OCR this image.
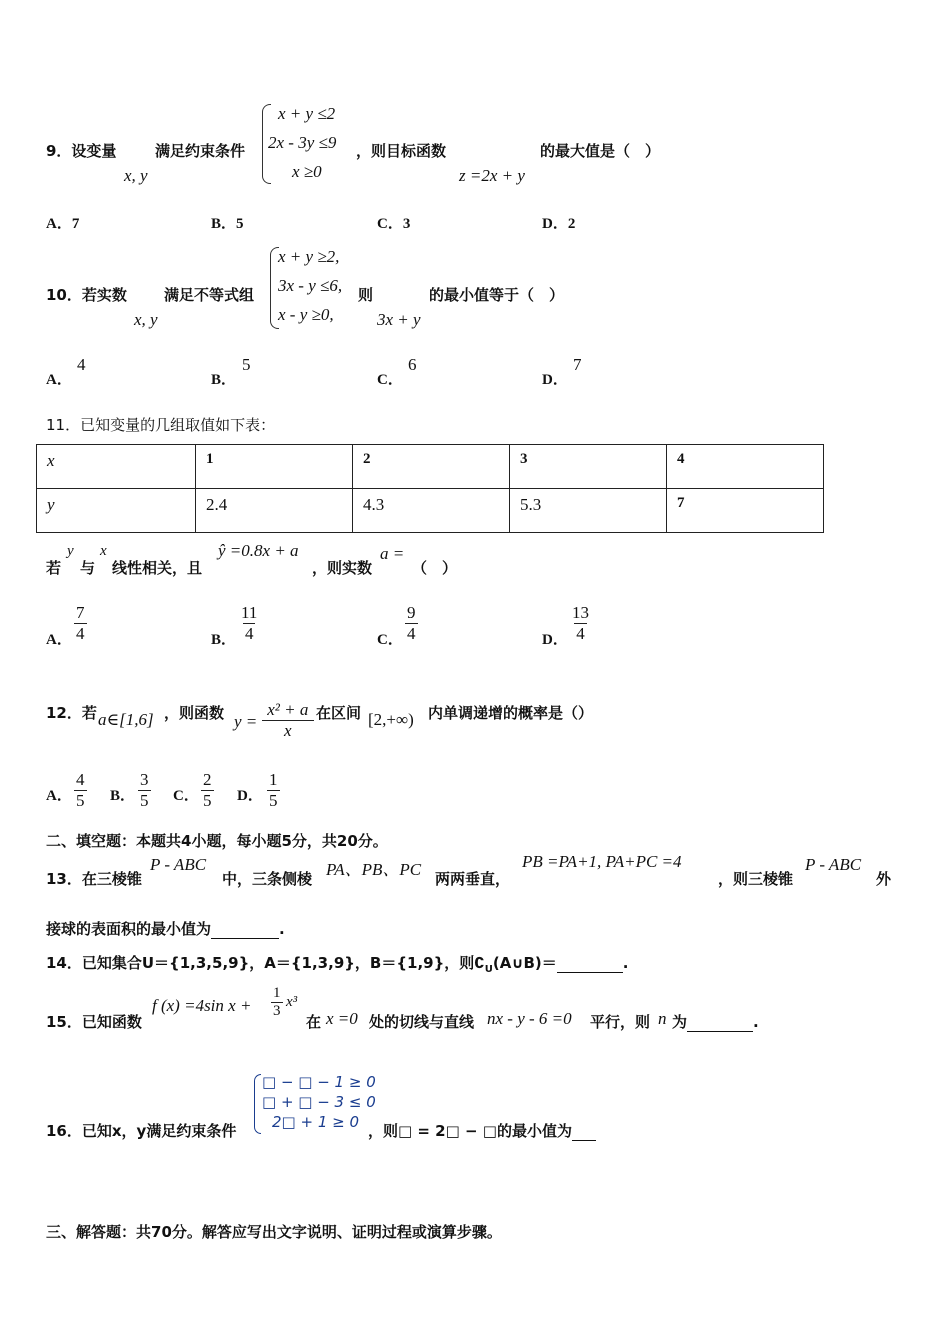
9．设变量
x, y
满足约束条件
x + y ≤2
2x - 3y ≤9
x ≥0
，则目标函数
z =2x + y
的最大值是（　）
A．7	B．5	C．3	D．2
10．若实数
x, y
满足不等式组
x + y ≥2,
3x - y ≤6,
x - y ≥0,
则
3x + y
的最小值等于（　）
A．
4
B．
5
C．
6
D．
7
11．已知变量的几组取值如下表：
x	1	2	3	4
y	2.4	4.3	5.3	7
若
y
与
x
线性相关，且
ŷ =0.8x + a
，则实数
a =
（　）
A． $\frac{7}{4}$	B． $\frac{11}{4}$	C． $\frac{9}{4}$	D． $\frac{13}{4}$
12．若 a∈[1,6] ，则函数 $y = \frac{\text{x² + a}}{x}$ 在区间 [2,+∞) 内单调递增的概率是（）
A． $\frac{4}{5}$ B． $\frac{3}{5}$ C． $\frac{2}{5}$ D． $\frac{1}{5}$
二、填空题：本题共4小题，每小题5分，共20分。
13．在三棱锥
P - ABC
中，三条侧棱 PA、PB、PC 两两垂直，
PB =PA+1, PA+PC =4
，则三棱锥
P - ABC
外
接球的表面积的最小值为	.
14．已知集合U＝{1,3,5,9}，A＝{1,3,9}，B＝{1,9}，则$∁_U(A\cup B)=$	.
15．已知函数
f (x) =4sin $x + \frac{1}{3} x^3$
在 x =0 处的切线与直线 nx - y - 6 =0 平行，则 n 为	.
16．已知x，y满足约束条件
□ − □ − 1 ≥ 0
□ + □ − 3 ≤ 0
2□ + 1 ≥ 0 ，则□ = 2□ − □的最小值为
三、解答题：共70分。解答应写出文字说明、证明过程或演算步骤。
